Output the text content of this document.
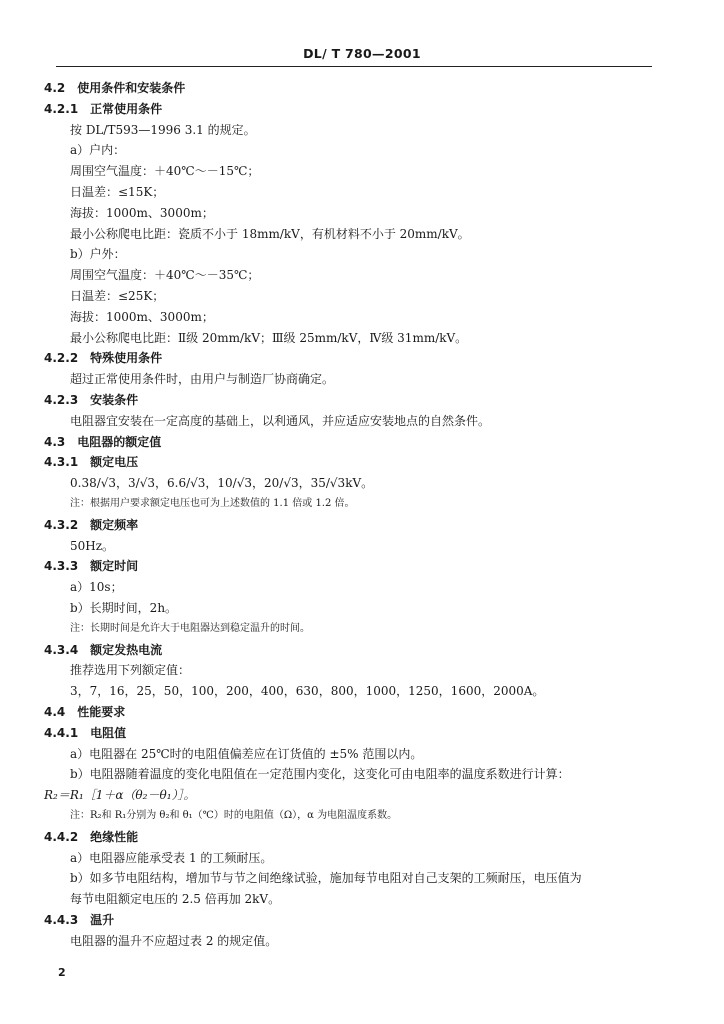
DL/ T 780—2001
4.2 使用条件和安装条件
4.2.1 正常使用条件
按 DL/T593—1996 3.1 的规定。
a）户内：
周围空气温度：＋40℃～－15℃；
日温差：≤15K；
海拔：1000m、3000m；
最小公称爬电比距：瓷质不小于 18mm/kV，有机材料不小于 20mm/kV。
b）户外：
周围空气温度：＋40℃～－35℃；
日温差：≤25K；
海拔：1000m、3000m；
最小公称爬电比距：Ⅱ级 20mm/kV；Ⅲ级 25mm/kV，Ⅳ级 31mm/kV。
4.2.2 特殊使用条件
超过正常使用条件时，由用户与制造厂协商确定。
4.2.3 安装条件
电阻器宜安装在一定高度的基础上，以利通风，并应适应安装地点的自然条件。
4.3 电阻器的额定值
4.3.1 额定电压
0.38/√3，3/√3，6.6/√3，10/√3，20/√3，35/√3kV。
注：根据用户要求额定电压也可为上述数值的 1.1 倍或 1.2 倍。
4.3.2 额定频率
50Hz。
4.3.3 额定时间
a）10s；
b）长期时间，2h。
注：长期时间是允许大于电阻器达到稳定温升的时间。
4.3.4 额定发热电流
推荐选用下列额定值：
3，7，16，25，50，100，200，400，630，800，1000，1250，1600，2000A。
4.4 性能要求
4.4.1 电阻值
a）电阻器在 25℃时的电阻值偏差应在订货值的 ±5% 范围以内。
b）电阻器随着温度的变化电阻值在一定范围内变化，这变化可由电阻率的温度系数进行计算：
R₂＝R₁［1＋α（θ₂－θ₁）］。
注：R₂和 R₁分别为 θ₂和 θ₁（℃）时的电阻值（Ω），α 为电阻温度系数。
4.4.2 绝缘性能
a）电阻器应能承受表 1 的工频耐压。
b）如多节电阻结构，增加节与节之间绝缘试验，施加每节电阻对自己支架的工频耐压，电压值为
每节电阻额定电压的 2.5 倍再加 2kV。
4.4.3 温升
电阻器的温升不应超过表 2 的规定值。
2
